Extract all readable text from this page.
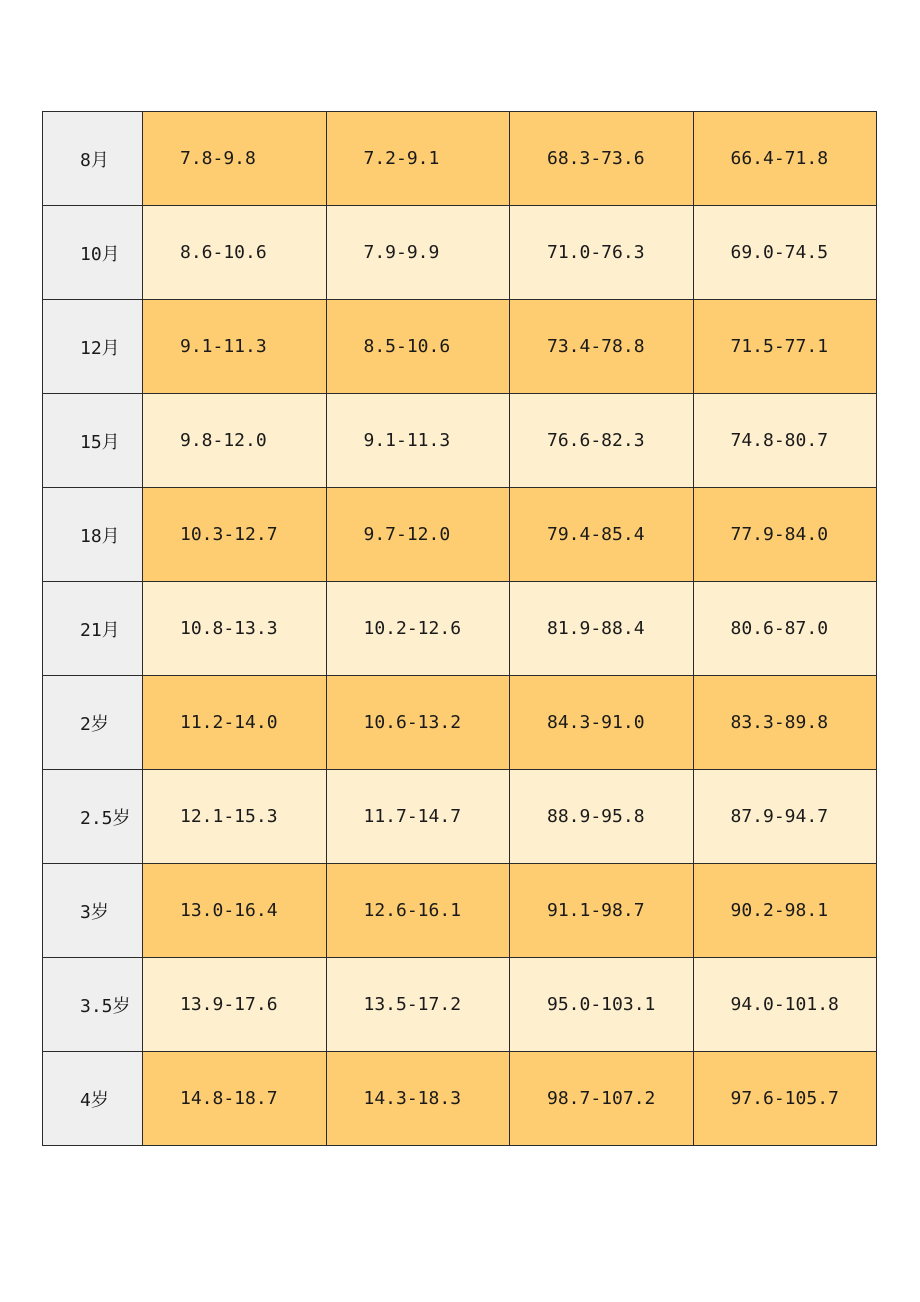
8月	7.8-9.8	7.2-9.1	68.3-73.6	66.4-71.8
10月	8.6-10.6	7.9-9.9	71.0-76.3	69.0-74.5
12月	9.1-11.3	8.5-10.6	73.4-78.8	71.5-77.1
15月	9.8-12.0	9.1-11.3	76.6-82.3	74.8-80.7
18月	10.3-12.7	9.7-12.0	79.4-85.4	77.9-84.0
21月	10.8-13.3	10.2-12.6	81.9-88.4	80.6-87.0
2岁	11.2-14.0	10.6-13.2	84.3-91.0	83.3-89.8
2.5岁	12.1-15.3	11.7-14.7	88.9-95.8	87.9-94.7
3岁	13.0-16.4	12.6-16.1	91.1-98.7	90.2-98.1
3.5岁	13.9-17.6	13.5-17.2	95.0-103.1	94.0-101.8
4岁	14.8-18.7	14.3-18.3	98.7-107.2	97.6-105.7
